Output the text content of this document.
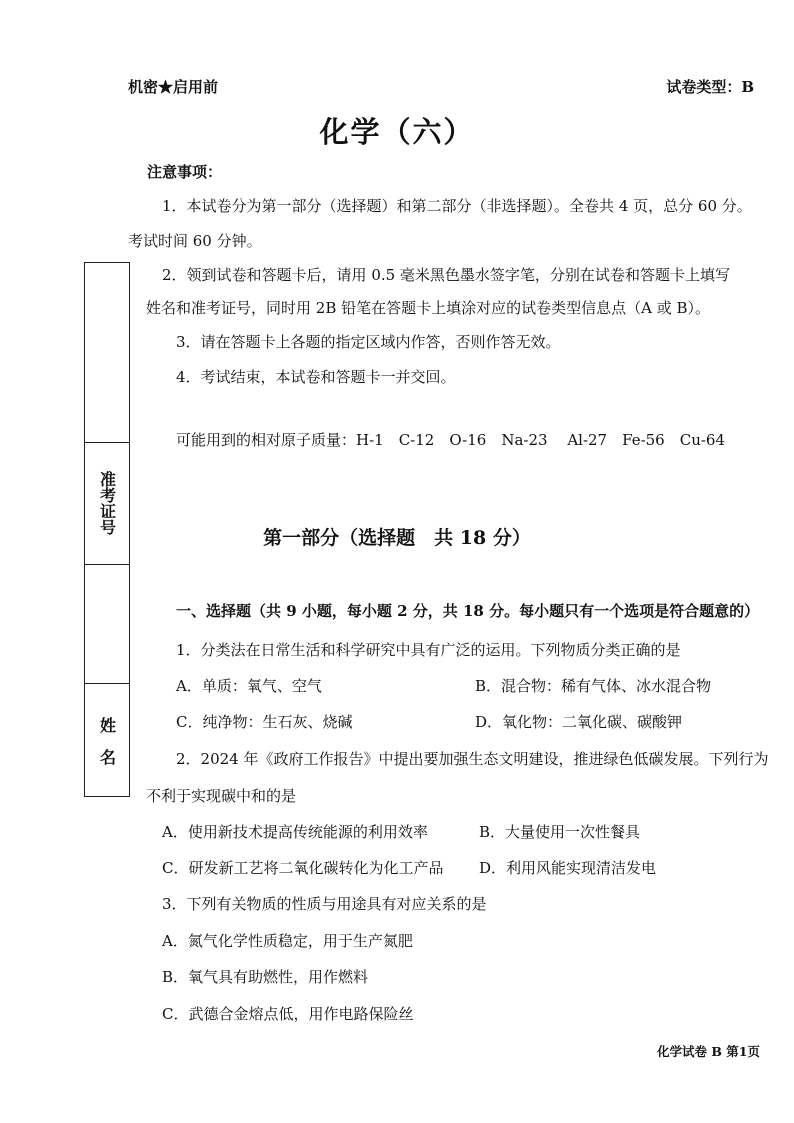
机密★启用前	试卷类型：B
化学（六）
注意事项：
1．本试卷分为第一部分（选择题）和第二部分（非选择题）。全卷共 4 页，总分 60 分。
考试时间 60 分钟。
2．领到试卷和答题卡后，请用 0.5 毫米黑色墨水签字笔，分别在试卷和答题卡上填写
姓名和准考证号，同时用 2B 铅笔在答题卡上填涂对应的试卷类型信息点（A 或 B）。
3．请在答题卡上各题的指定区域内作答，否则作答无效。
4．考试结束，本试卷和答题卡一并交回。
可能用到的相对原子质量：H-1　C-12　O-16　Na-23　 Al-27　Fe-56　Cu-64
准考证号
姓　名
第一部分（选择题　共 18 分）
一、选择题（共 9 小题，每小题 2 分，共 18 分。每小题只有一个选项是符合题意的）
1．分类法在日常生活和科学研究中具有广泛的运用。下列物质分类正确的是
A．单质：氧气、空气	B．混合物：稀有气体、冰水混合物
C．纯净物：生石灰、烧碱	D．氧化物：二氧化碳、碳酸钾
2．2024 年《政府工作报告》中提出要加强生态文明建设，推进绿色低碳发展。下列行为
不利于实现碳中和的是
A．使用新技术提高传统能源的利用效率	B．大量使用一次性餐具
C．研发新工艺将二氧化碳转化为化工产品 D．利用风能实现清洁发电
3．下列有关物质的性质与用途具有对应关系的是
A．氮气化学性质稳定，用于生产氮肥
B．氧气具有助燃性，用作燃料
C．武德合金熔点低，用作电路保险丝
化学试卷 B 第1页
